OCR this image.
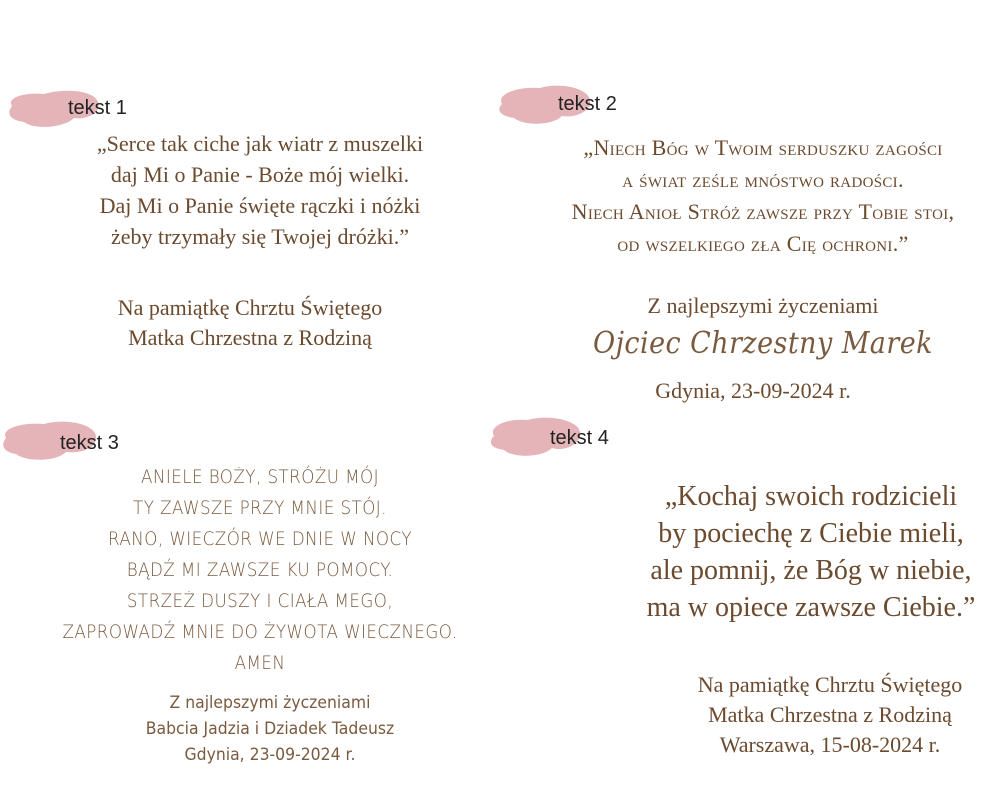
tekst 1	tekst 2
tekst 3	tekst 4
„Serce tak ciche jak wiatr z muszelki
daj Mi o Panie - Boże mój wielki.
Daj Mi o Panie święte rączki i nóżki
żeby trzymały się Twojej dróżki.”
Na pamiątkę Chrztu Świętego
Matka Chrzestna z Rodziną
„Niech Bóg w Twoim serduszku zagości
a świat ześle mnóstwo radości.
Niech Anioł Stróż zawsze przy Tobie stoi,
od wszelkiego zła Cię ochroni.”
Z najlepszymi życzeniami
Ojciec Chrzestny Marek
Gdynia, 23-09-2024 r.
ANIELE BOŻY, STRÓŻU MÓJ
TY ZAWSZE PRZY MNIE STÓJ.
RANO, WIECZÓR WE DNIE W NOCY
BĄDŹ MI ZAWSZE KU POMOCY.
STRZEŻ DUSZY I CIAŁA MEGO,
ZAPROWADŹ MNIE DO ŻYWOTA WIECZNEGO.
AMEN
Z najlepszymi życzeniami
Babcia Jadzia i Dziadek Tadeusz
Gdynia, 23-09-2024 r.
„Kochaj swoich rodzicieli
by pociechę z Ciebie mieli,
ale pomnij, że Bóg w niebie,
ma w opiece zawsze Ciebie.”
Na pamiątkę Chrztu Świętego
Matka Chrzestna z Rodziną
Warszawa, 15-08-2024 r.
